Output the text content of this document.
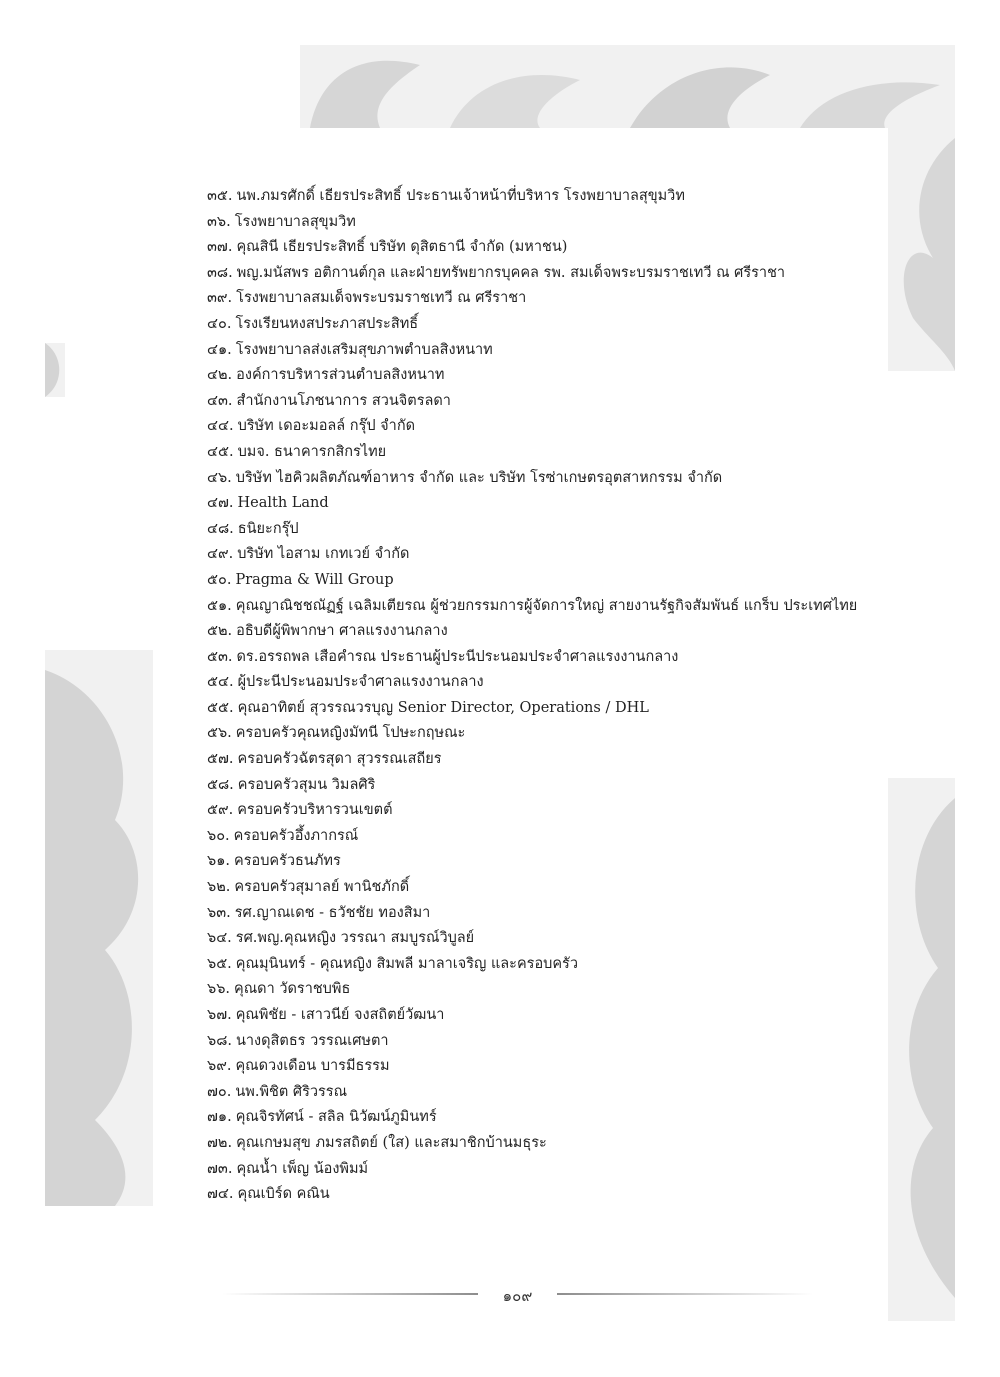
๓๕. นพ.ภมรศักดิ์ เธียรประสิทธิ์ ประธานเจ้าหน้าที่บริหาร โรงพยาบาลสุขุมวิท
๓๖. โรงพยาบาลสุขุมวิท
๓๗. คุณสินี เธียรประสิทธิ์ บริษัท ดุสิตธานี จำกัด (มหาชน)
๓๘. พญ.มนัสพร อติกานต์กุล และฝ่ายทรัพยากรบุคคล รพ. สมเด็จพระบรมราชเทวี ณ ศรีราชา
๓๙. โรงพยาบาลสมเด็จพระบรมราชเทวี ณ ศรีราชา
๔๐. โรงเรียนหงสประภาสประสิทธิ์
๔๑. โรงพยาบาลส่งเสริมสุขภาพตำบลสิงหนาท
๔๒. องค์การบริหารส่วนตำบลสิงหนาท
๔๓. สำนักงานโภชนาการ สวนจิตรลดา
๔๔. บริษัท เดอะมอลล์ กรุ๊ป จำกัด
๔๕. บมจ. ธนาคารกสิกรไทย
๔๖. บริษัท ไฮคิวผลิตภัณฑ์อาหาร จำกัด และ บริษัท โรซ่าเกษตรอุตสาหกรรม จำกัด
๔๗. Health Land
๔๘. ธนิยะกรุ๊ป
๔๙. บริษัท ไอสาม เกทเวย์ จำกัด
๕๐. Pragma & Will Group
๕๑. คุณญาณิชชณัฏฐ์ เฉลิมเตียรณ ผู้ช่วยกรรมการผู้จัดการใหญ่ สายงานรัฐกิจสัมพันธ์ แกร็บ ประเทศไทย
๕๒. อธิบดีผู้พิพากษา ศาลแรงงานกลาง
๕๓. ดร.อรรถพล เสือคำรณ ประธานผู้ประนีประนอมประจำศาลแรงงานกลาง
๕๔. ผู้ประนีประนอมประจำศาลแรงงานกลาง
๕๕. คุณอาทิตย์ สุวรรณวรบุญ Senior Director, Operations / DHL
๕๖. ครอบครัวคุณหญิงมัทนี โปษะกฤษณะ
๕๗. ครอบครัวฉัตรสุดา สุวรรณเสถียร
๕๘. ครอบครัวสุมน วิมลศิริ
๕๙. ครอบครัวบริหารวนเขตต์
๖๐. ครอบครัวอึ้งภากรณ์
๖๑. ครอบครัวธนภัทร
๖๒. ครอบครัวสุมาลย์ พานิชภักดิ์
๖๓. รศ.ญาณเดช - ธวัชชัย ทองสิมา
๖๔. รศ.พญ.คุณหญิง วรรณา สมบูรณ์วิบูลย์
๖๕. คุณมุนินทร์ - คุณหญิง สิมพลี มาลาเจริญ และครอบครัว
๖๖. คุณดา วัดราชบพิธ
๖๗. คุณพิชัย - เสาวนีย์ จงสถิตย์วัฒนา
๖๘. นางดุสิตธร วรรณเศษตา
๖๙. คุณดวงเดือน บารมีธรรม
๗๐. นพ.พิชิต ศิริวรรณ
๗๑. คุณจิรทัศน์ - สลิล นิวัฒน์ภูมินทร์
๗๒. คุณเกษมสุข ภมรสถิตย์ (ใส) และสมาชิกบ้านมธุระ
๗๓. คุณน้ำ เพ็ญ น้องพิมม์
๗๔. คุณเบิร์ด คณิน
๑๐๙
